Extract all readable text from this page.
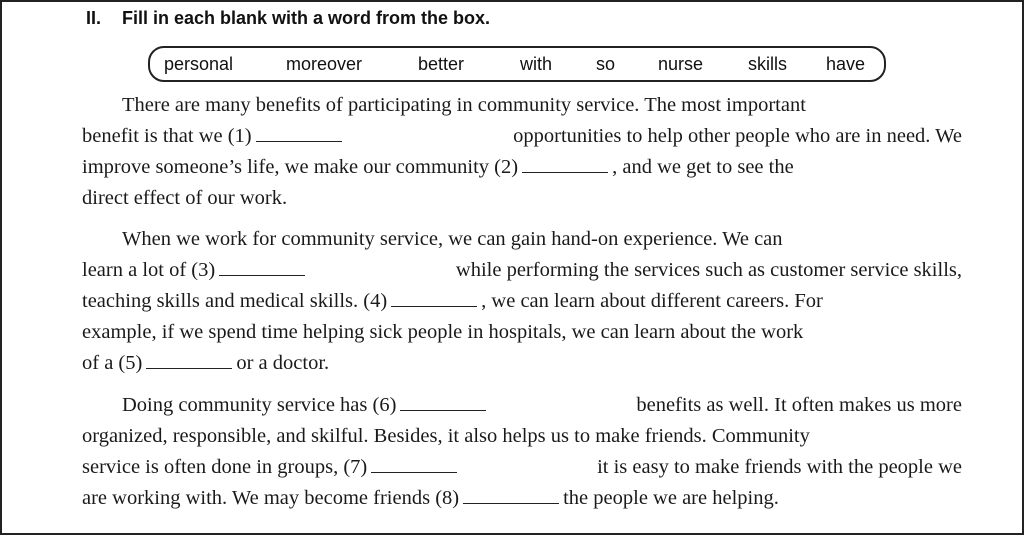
II. Fill in each blank with a word from the box.
personal	moreover	better	with so nurse skills have
There are many benefits of participating in community service. The most important
benefit is that we (1)	opportunities to help other people who are in need. We
improve someone’s life, we make our community (2)	, and we get to see the
direct effect of our work.
When we work for community service, we can gain hand-on experience. We can
learn a lot of (3)	while performing the services such as customer service skills,
teaching skills and medical skills. (4)	, we can learn about different careers. For
example, if we spend time helping sick people in hospitals, we can learn about the work
of a (5)	or a doctor.
Doing community service has (6)	benefits as well. It often makes us more
organized, responsible, and skilful. Besides, it also helps us to make friends. Community
service is often done in groups, (7)	it is easy to make friends with the people we
are working with. We may become friends (8)	the people we are helping.
